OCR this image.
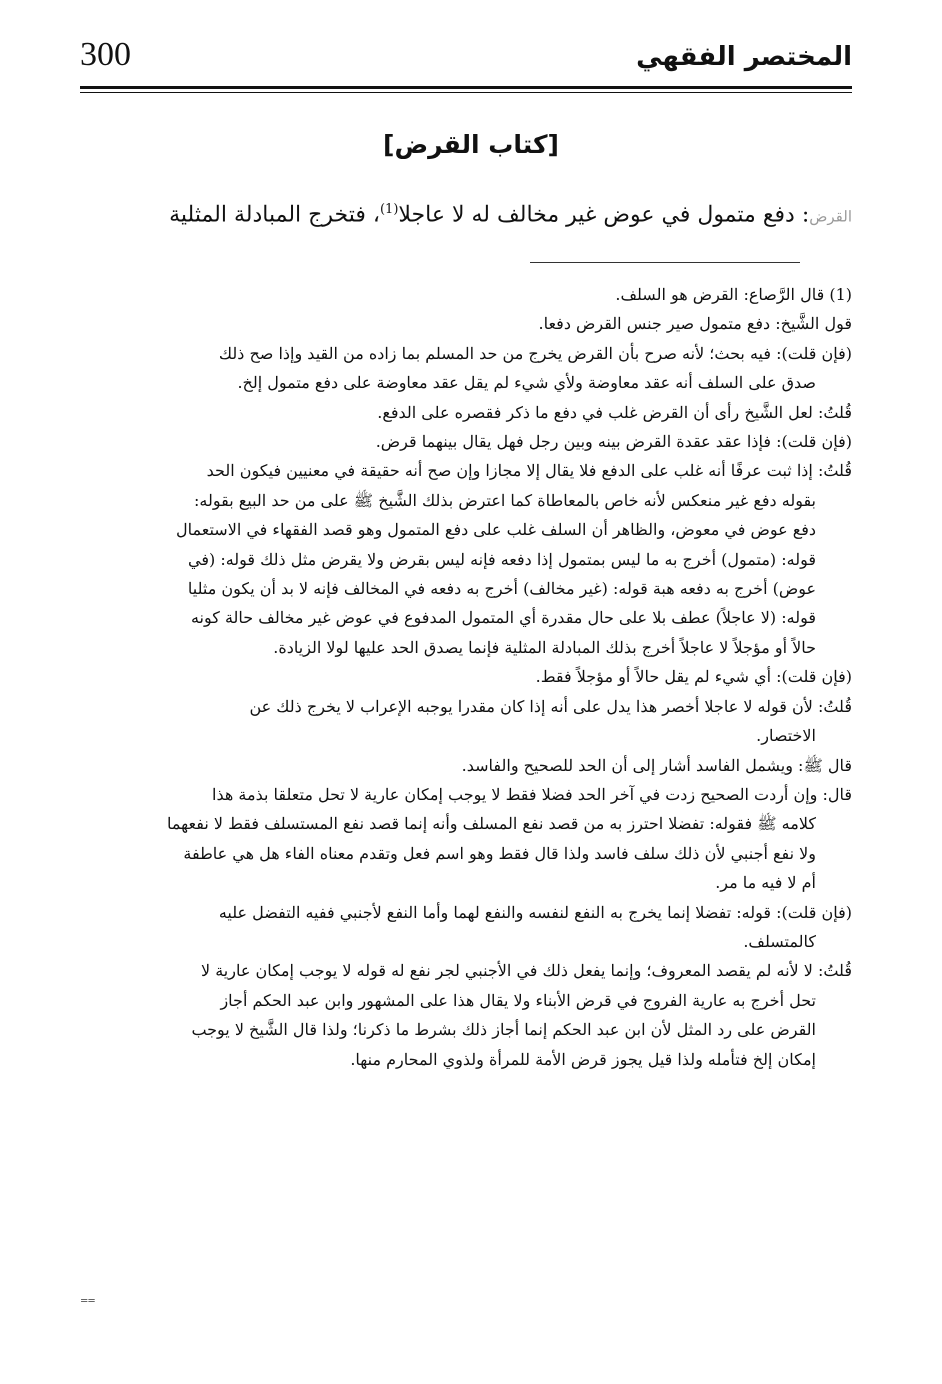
300	المختصر الفقهي
[كتاب القرض]
القرض: دفع متمول في عوض غير مخالف له لا عاجلا$^{(1)}$، فتخرج المبادلة المثلية
(1) قال الرَّصاع: القرض هو السلف.
قول الشَّيخ: دفع متمول صير جنس القرض دفعا.
(فإن قلت): فيه بحث؛ لأنه صرح بأن القرض يخرج من حد المسلم بما زاده من القيد وإذا صح ذلك
صدق على السلف أنه عقد معاوضة ولأي شيء لم يقل عقد معاوضة على دفع متمول إلخ.
قُلتُ: لعل الشَّيخ رأى أن القرض غلب في دفع ما ذكر فقصره على الدفع.
(فإن قلت): فإذا عقد عقدة القرض بينه وبين رجل فهل يقال بينهما قرض.
قُلتُ: إذا ثبت عرفًا أنه غلب على الدفع فلا يقال إلا مجازا وإن صح أنه حقيقة في معنيين فيكون الحد
بقوله دفع غير منعكس لأنه خاص بالمعاطاة كما اعترض بذلك الشَّيخ ﷺ على من حد البيع بقوله:
دفع عوض في معوض، والظاهر أن السلف غلب على دفع المتمول وهو قصد الفقهاء في الاستعمال
قوله: (متمول) أخرج به ما ليس بمتمول إذا دفعه فإنه ليس بقرض ولا يقرض مثل ذلك قوله: (في
عوض) أخرج به دفعه هبة قوله: (غير مخالف) أخرج به دفعه في المخالف فإنه لا بد أن يكون مثليا
قوله: (لا عاجلاً) عطف بلا على حال مقدرة أي المتمول المدفوع في عوض غير مخالف حالة كونه
حالاً أو مؤجلاً لا عاجلاً أخرج بذلك المبادلة المثلية فإنما يصدق الحد عليها لولا الزيادة.
(فإن قلت): أي شيء لم يقل حالاً أو مؤجلاً فقط.
قُلتُ: لأن قوله لا عاجلا أخصر هذا يدل على أنه إذا كان مقدرا يوجبه الإعراب لا يخرج ذلك عن
الاختصار.
قال ﷺ: ويشمل الفاسد أشار إلى أن الحد للصحيح والفاسد.
قال: وإن أردت الصحيح زدت في آخر الحد فضلا فقط لا يوجب إمكان عارية لا تحل متعلقا بذمة هذا
كلامه ﷺ فقوله: تفضلا احترز به من قصد نفع المسلف وأنه إنما قصد نفع المستسلف فقط لا نفعهما
ولا نفع أجنبي لأن ذلك سلف فاسد ولذا قال فقط وهو اسم فعل وتقدم معناه الفاء هل هي عاطفة
أم لا فيه ما مر.
(فإن قلت): قوله: تفضلا إنما يخرج به النفع لنفسه والنفع لهما وأما النفع لأجنبي ففيه التفضل عليه
كالمتسلف.
قُلتُ: لا لأنه لم يقصد المعروف؛ وإنما يفعل ذلك في الأجنبي لجر نفع له قوله لا يوجب إمكان عارية لا
تحل أخرج به عارية الفروج في قرض الأبناء ولا يقال هذا على المشهور وابن عبد الحكم أجاز
القرض على رد المثل لأن ابن عبد الحكم إنما أجاز ذلك بشرط ما ذكرنا؛ ولذا قال الشَّيخ لا يوجب
إمكان إلخ فتأمله ولذا قيل يجوز قرض الأمة للمرأة ولذوي المحارم منها.
==
